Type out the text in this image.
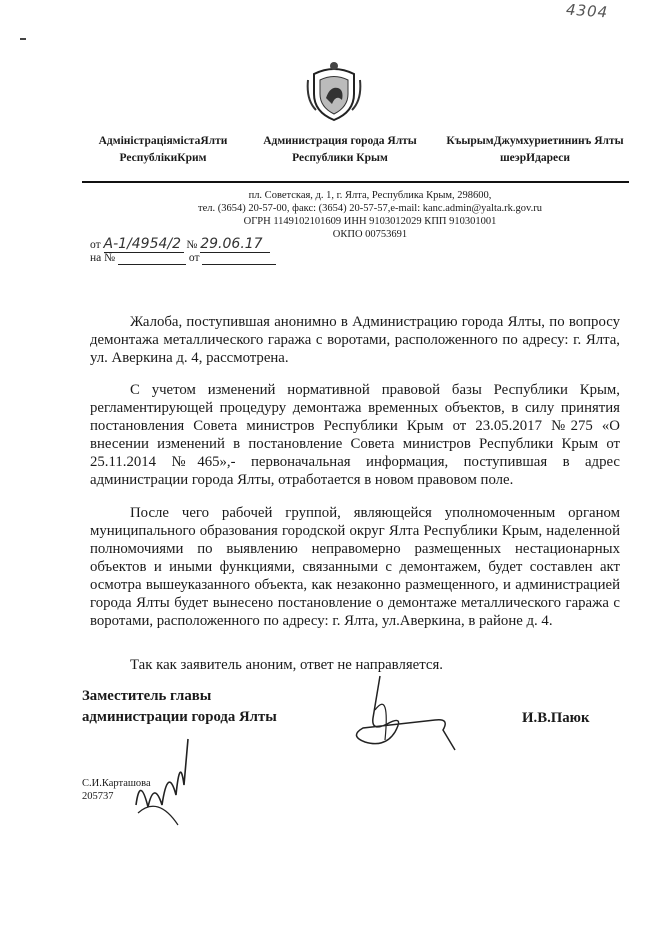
4304
АдміністраціямістаЯлти РеспублікиКрим
Администрация города Ялты Республики Крым
КъырымДжумхуриетининъ Ялты шеэрИдареси
пл. Советская, д. 1, г. Ялта, Республика Крым, 298600,
тел. (3654) 20-57-00, факс: (3654) 20-57-57,e-mail: kanc.admin@yalta.rk.gov.ru
ОГРН 1149102101609 ИНН 9103012029 КПП 910301001
ОКПО 00753691
от А-1/4954/2 № 29.06.17
на №	от
Жалоба, поступившая анонимно в Администрацию города Ялты, по вопросу демонтажа металлического гаража с воротами, расположенного по адресу: г. Ялта, ул. Аверкина д. 4, рассмотрена.
С учетом изменений нормативной правовой базы Республики Крым, регламентирующей процедуру демонтажа временных объектов, в силу принятия постановления Совета министров Республики Крым от 23.05.2017 №275 «О внесении изменений в постановление Совета министров Республики Крым от 25.11.2014 №465»,- первоначальная информация, поступившая в адрес администрации города Ялты, отработается в новом правовом поле.
После чего рабочей группой, являющейся уполномоченным органом муниципального образования городской округ Ялта Республики Крым, наделенной полномочиями по выявлению неправомерно размещенных нестационарных объектов и иными функциями, связанными с демонтажем, будет составлен акт осмотра вышеуказанного объекта, как незаконно размещенного, и администрацией города Ялты будет вынесено постановление о демонтаже металлического гаража с воротами, расположенного по адресу: г. Ялта, ул.Аверкина, в районе д. 4.
Так как заявитель аноним, ответ не направляется.
Заместитель главы
администрации города Ялты	И.В.Паюк
С.И.Карташова
205737
